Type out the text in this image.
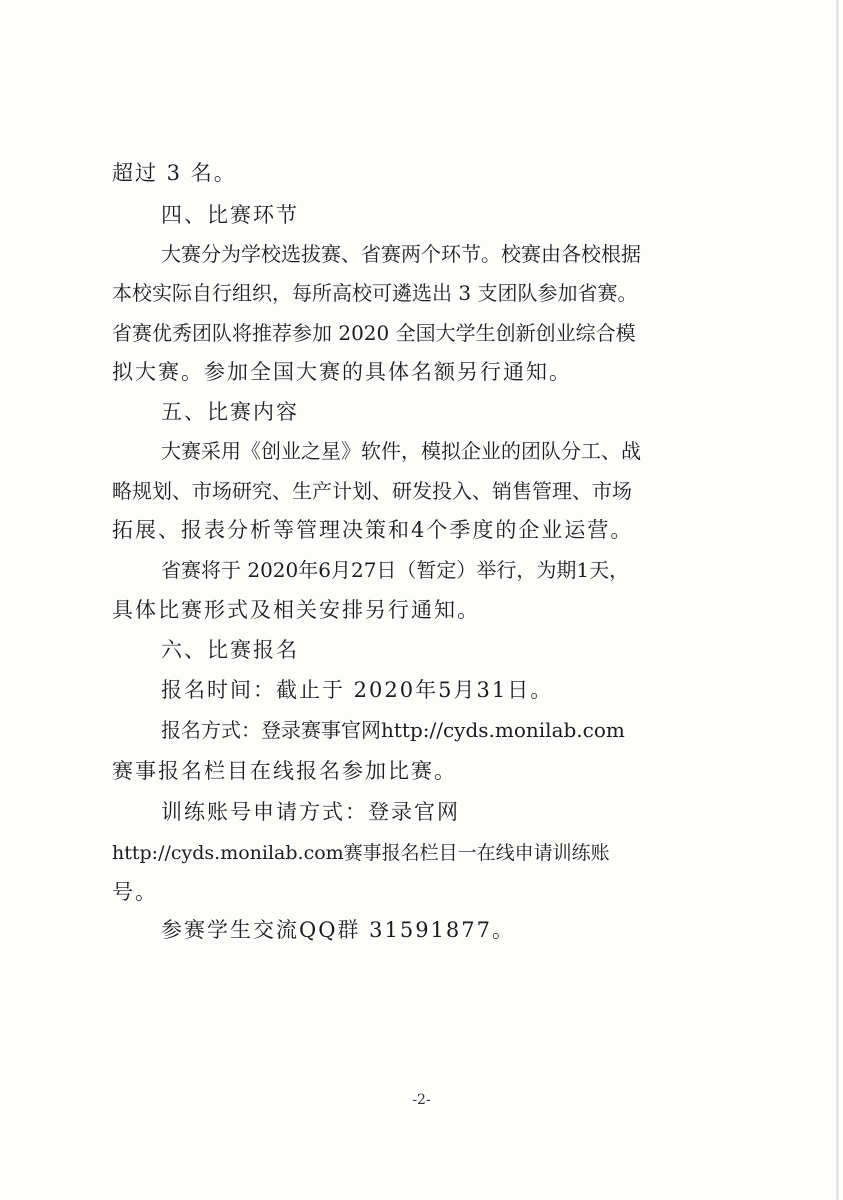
超过 3 名。
四、比赛环节
大赛分为学校选拔赛、省赛两个环节。校赛由各校根据
本校实际自行组织，每所高校可遴选出 3 支团队参加省赛。
省赛优秀团队将推荐参加 2020 全国大学生创新创业综合模
拟大赛。参加全国大赛的具体名额另行通知。
五、比赛内容
大赛采用《创业之星》软件，模拟企业的团队分工、战
略规划、市场研究、生产计划、研发投入、销售管理、市场
拓展、报表分析等管理决策和4个季度的企业运营。
省赛将于 2020年6月27日（暂定）举行，为期1天，
具体比赛形式及相关安排另行通知。
六、比赛报名
报名时间：截止于 2020年5月31日。
报名方式：登录赛事官网http://cyds.monilab.com
赛事报名栏目在线报名参加比赛。
训练账号申请方式：登录官网
http://cyds.monilab.com赛事报名栏目一在线申请训练账
号。
参赛学生交流QQ群 31591877。
-2-
